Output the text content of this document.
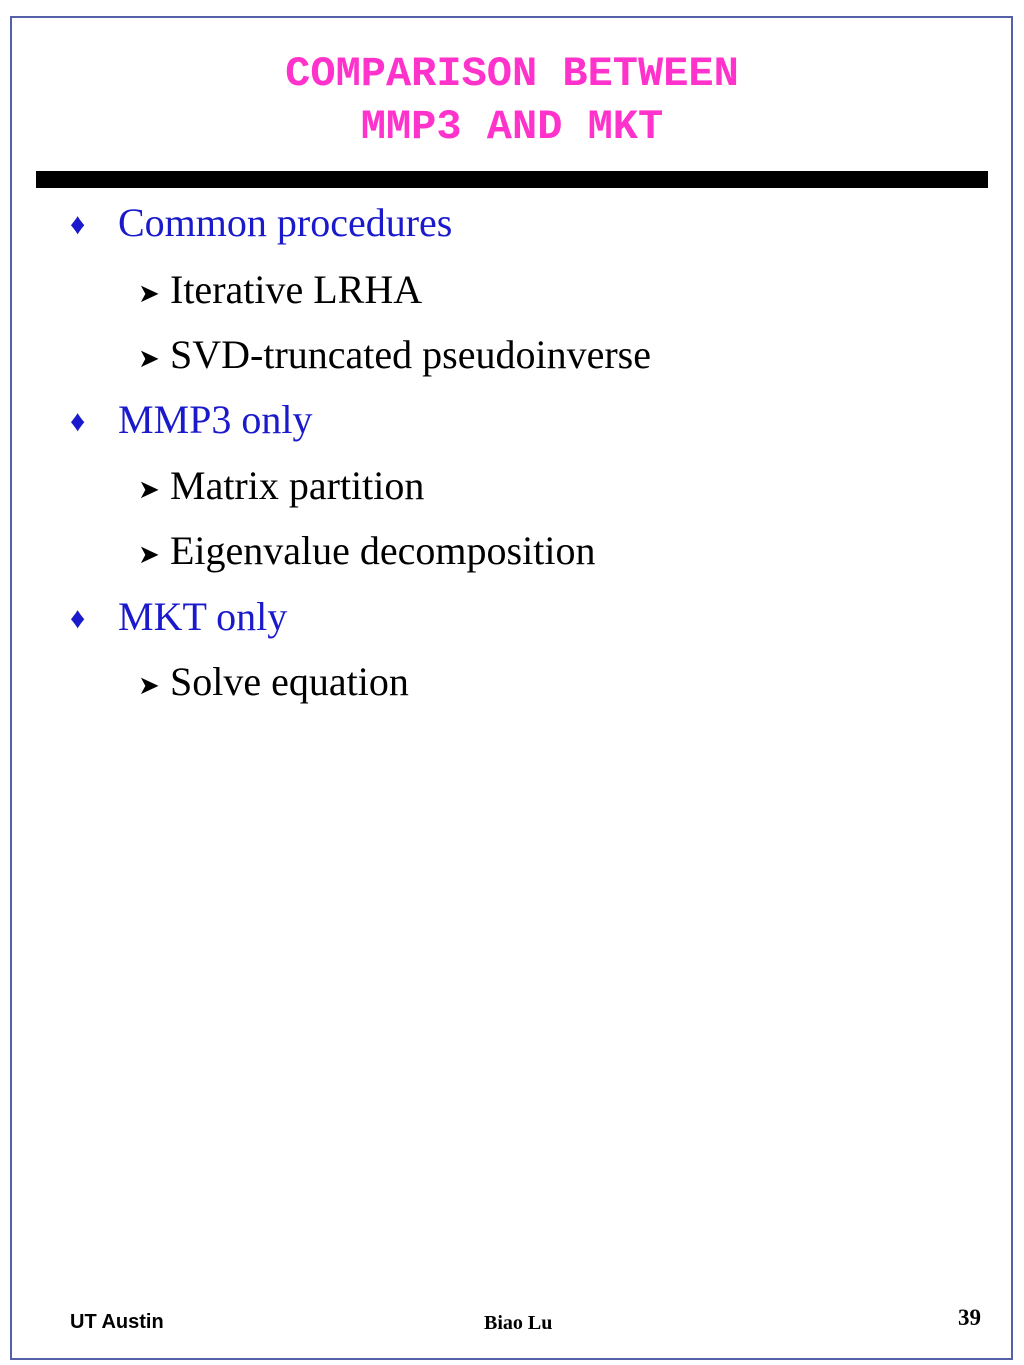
COMPARISON BETWEEN
MMP3 AND MKT
♦ Common procedures
➤ Iterative LRHA
➤ SVD-truncated pseudoinverse
♦ MMP3 only
➤ Matrix partition
➤ Eigenvalue decomposition
♦ MKT only
➤ Solve equation
UT Austin	Biao Lu	39
